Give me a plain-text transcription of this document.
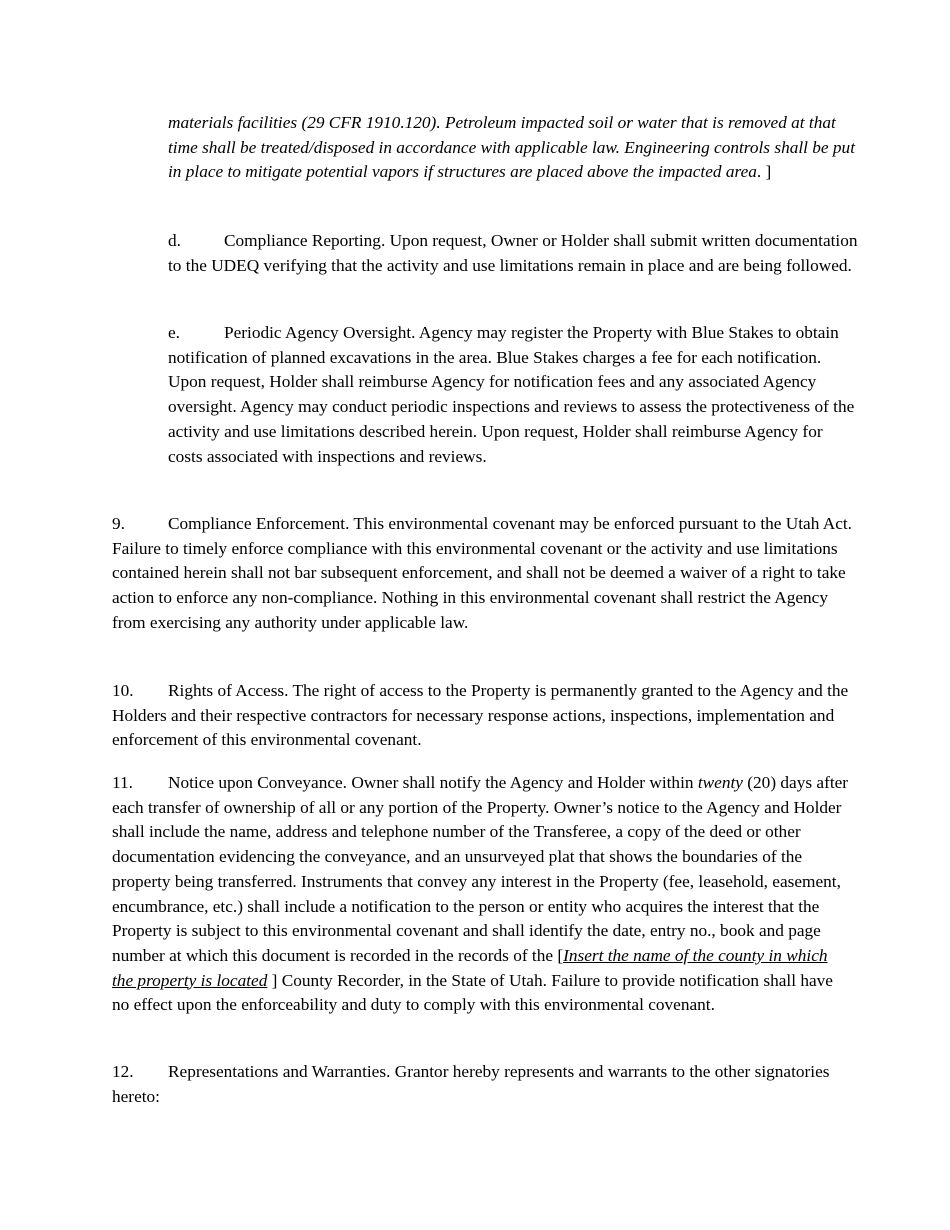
materials facilities (29 CFR 1910.120). Petroleum impacted soil or water that is removed at that time shall be treated/disposed in accordance with applicable law. Engineering controls shall be put in place to mitigate potential vapors if structures are placed above the impacted area. ]

d. Compliance Reporting. Upon request, Owner or Holder shall submit written documentation to the UDEQ verifying that the activity and use limitations remain in place and are being followed.

e.	Periodic Agency Oversight. Agency may register the Property with Blue Stakes to obtain notification of planned excavations in the area. Blue Stakes charges a fee for each notification. Upon request, Holder shall reimburse Agency for notification fees and any associated Agency oversight. Agency may conduct periodic inspections and reviews to assess the protectiveness of the activity and use limitations described herein. Upon request, Holder shall reimburse Agency for costs associated with inspections and reviews.

9. Compliance Enforcement. This environmental covenant may be enforced pursuant to the Utah Act. Failure to timely enforce compliance with this environmental covenant or the activity and use limitations contained herein shall not bar subsequent enforcement, and shall not be deemed a waiver of a right to take action to enforce any non-compliance. Nothing in this environmental covenant shall restrict the Agency from exercising any authority under applicable law.

10. Rights of Access. The right of access to the Property is permanently granted to the Agency and the Holders and their respective contractors for necessary response actions, inspections, implementation and enforcement of this environmental covenant.

11. Notice upon Conveyance. Owner shall notify the Agency and Holder within twenty (20) days after each transfer of ownership of all or any portion of the Property. Owner’s notice to the Agency and Holder shall include the name, address and telephone number of the Transferee, a copy of the deed or other documentation evidencing the conveyance, and an unsurveyed plat that shows the boundaries of the property being transferred. Instruments that convey any interest in the Property (fee, leasehold, easement, encumbrance, etc.) shall include a notification to the person or entity who acquires the interest that the Property is subject to this environmental covenant and shall identify the date, entry no., book and page number at which this document is recorded in the records of the [Insert the name of the county in which the property is located ] County Recorder, in the State of Utah. Failure to provide notification shall have no effect upon the enforceability and duty to comply with this environmental covenant.

12. Representations and Warranties. Grantor hereby represents and warrants to the other signatories hereto:
